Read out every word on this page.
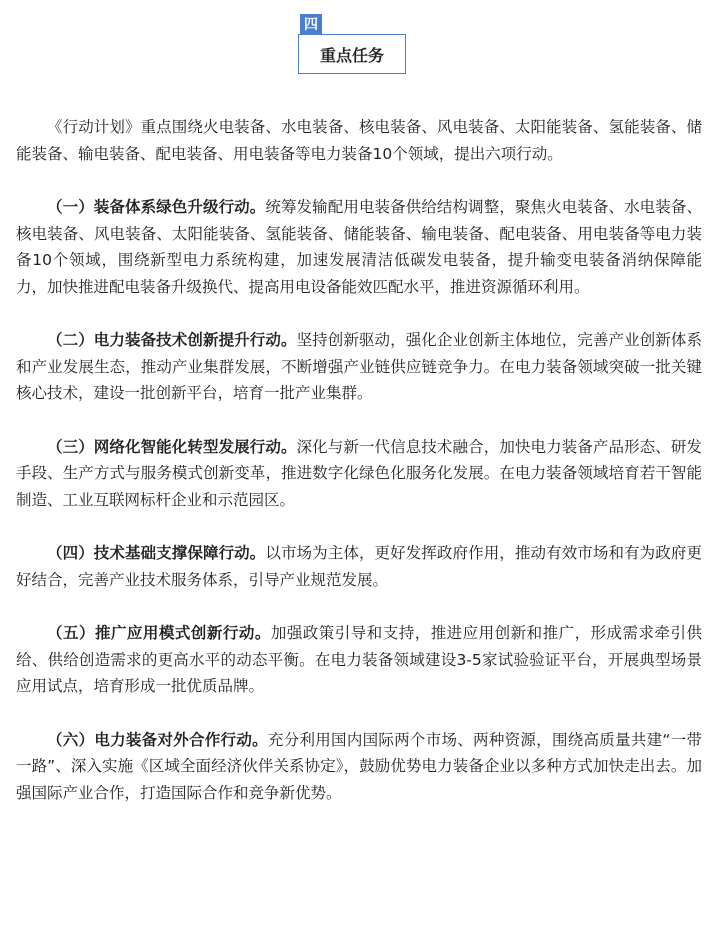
四
重点任务

《行动计划》重点围绕火电装备、水电装备、核电装备、风电装备、太阳能装备、氢能装备、储能装备、输电装备、配电装备、用电装备等电力装备10个领域，提出六项行动。

（一）装备体系绿色升级行动。统筹发输配用电装备供给结构调整，聚焦火电装备、水电装备、核电装备、风电装备、太阳能装备、氢能装备、储能装备、输电装备、配电装备、用电装备等电力装备10个领域，围绕新型电力系统构建，加速发展清洁低碳发电装备，提升输变电装备消纳保障能力，加快推进配电装备升级换代、提高用电设备能效匹配水平，推进资源循环利用。

（二）电力装备技术创新提升行动。坚持创新驱动，强化企业创新主体地位，完善产业创新体系和产业发展生态，推动产业集群发展，不断增强产业链供应链竞争力。在电力装备领域突破一批关键核心技术，建设一批创新平台，培育一批产业集群。

（三）网络化智能化转型发展行动。深化与新一代信息技术融合，加快电力装备产品形态、研发手段、生产方式与服务模式创新变革，推进数字化绿色化服务化发展。在电力装备领域培育若干智能制造、工业互联网标杆企业和示范园区。

（四）技术基础支撑保障行动。以市场为主体，更好发挥政府作用，推动有效市场和有为政府更好结合，完善产业技术服务体系，引导产业规范发展。

（五）推广应用模式创新行动。加强政策引导和支持，推进应用创新和推广，形成需求牵引供给、供给创造需求的更高水平的动态平衡。在电力装备领域建设3-5家试验验证平台，开展典型场景应用试点，培育形成一批优质品牌。

（六）电力装备对外合作行动。充分利用国内国际两个市场、两种资源，围绕高质量共建“一带一路”、深入实施《区域全面经济伙伴关系协定》，鼓励优势电力装备企业以多种方式加快走出去。加强国际产业合作，打造国际合作和竞争新优势。
